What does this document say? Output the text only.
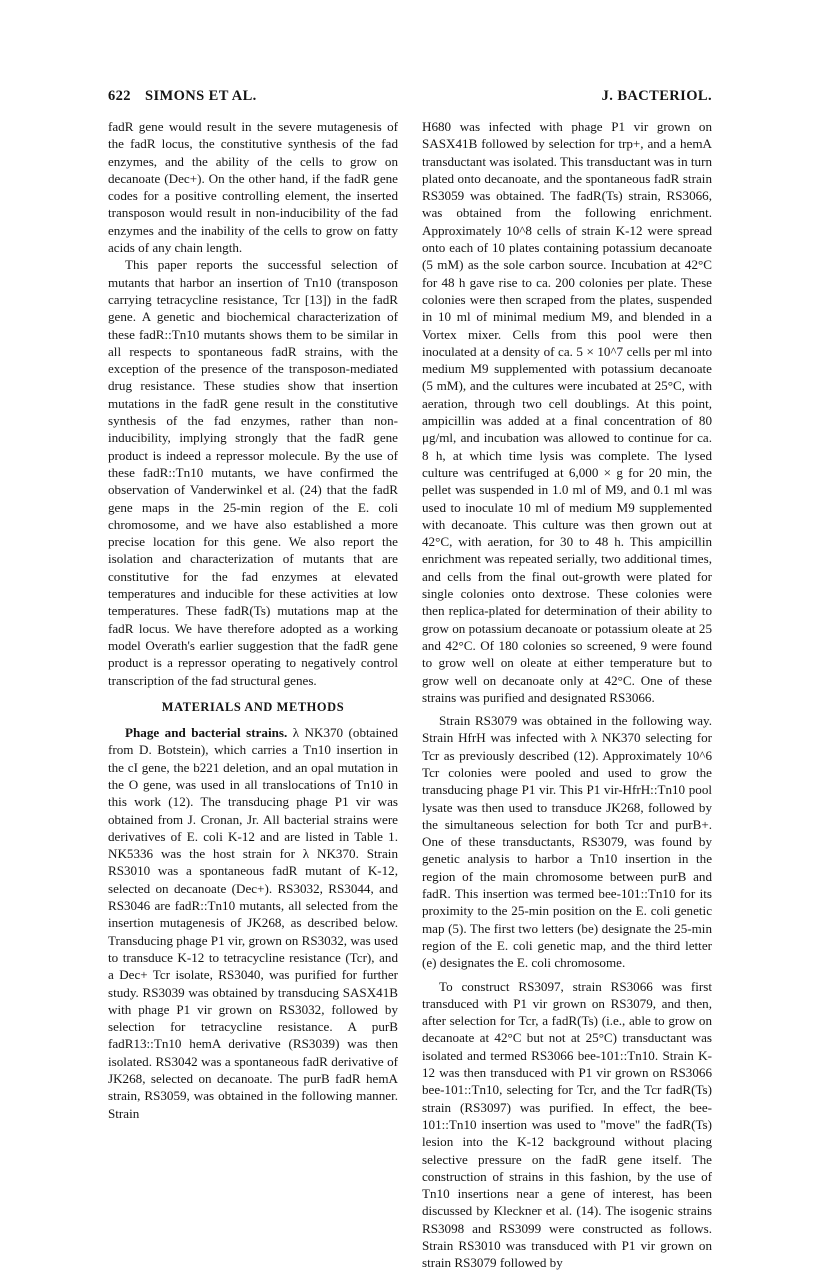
622 SIMONS ET AL.	J. BACTERIOL.

fadR gene would result in the severe mutagenesis of the fadR locus, the constitutive synthesis of the fad enzymes, and the ability of the cells to grow on decanoate (Dec+). On the other hand, if the fadR gene codes for a positive controlling element, the inserted transposon would result in non-inducibility of the fad enzymes and the inability of the cells to grow on fatty acids of any chain length.

This paper reports the successful selection of mutants that harbor an insertion of Tn10 (transposon carrying tetracycline resistance, Tcr [13]) in the fadR gene. A genetic and biochemical characterization of these fadR::Tn10 mutants shows them to be similar in all respects to spontaneous fadR strains, with the exception of the presence of the transposon-mediated drug resistance. These studies show that insertion mutations in the fadR gene result in the constitutive synthesis of the fad enzymes, rather than non-inducibility, implying strongly that the fadR gene product is indeed a repressor molecule. By the use of these fadR::Tn10 mutants, we have confirmed the observation of Vanderwinkel et al. (24) that the fadR gene maps in the 25-min region of the E. coli chromosome, and we have also established a more precise location for this gene. We also report the isolation and characterization of mutants that are constitutive for the fad enzymes at elevated temperatures and inducible for these activities at low temperatures. These fadR(Ts) mutations map at the fadR locus. We have therefore adopted as a working model Overath's earlier suggestion that the fadR gene product is a repressor operating to negatively control transcription of the fad structural genes.

MATERIALS AND METHODS

Phage and bacterial strains. λ NK370 (obtained from D. Botstein), which carries a Tn10 insertion in the cI gene, the b221 deletion, and an opal mutation in the O gene, was used in all translocations of Tn10 in this work (12). The transducing phage P1 vir was obtained from J. Cronan, Jr. All bacterial strains were derivatives of E. coli K-12 and are listed in Table 1. NK5336 was the host strain for λ NK370. Strain RS3010 was a spontaneous fadR mutant of K-12, selected on decanoate (Dec+). RS3032, RS3044, and RS3046 are fadR::Tn10 mutants, all selected from the insertion mutagenesis of JK268, as described below. Transducing phage P1 vir, grown on RS3032, was used to transduce K-12 to tetracycline resistance (Tcr), and a Dec+ Tcr isolate, RS3040, was purified for further study. RS3039 was obtained by transducing SASX41B with phage P1 vir grown on RS3032, followed by selection for tetracycline resistance. A purB fadR13::Tn10 hemA derivative (RS3039) was then isolated. RS3042 was a spontaneous fadR derivative of JK268, selected on decanoate. The purB fadR hemA strain, RS3059, was obtained in the following manner. Strain

H680 was infected with phage P1 vir grown on SASX41B followed by selection for trp+, and a hemA transductant was isolated. This transductant was in turn plated onto decanoate, and the spontaneous fadR strain RS3059 was obtained. The fadR(Ts) strain, RS3066, was obtained from the following enrichment. Approximately 10^8 cells of strain K-12 were spread onto each of 10 plates containing potassium decanoate (5 mM) as the sole carbon source. Incubation at 42°C for 48 h gave rise to ca. 200 colonies per plate. These colonies were then scraped from the plates, suspended in 10 ml of minimal medium M9, and blended in a Vortex mixer. Cells from this pool were then inoculated at a density of ca. 5 × 10^7 cells per ml into medium M9 supplemented with potassium decanoate (5 mM), and the cultures were incubated at 25°C, with aeration, through two cell doublings. At this point, ampicillin was added at a final concentration of 80 μg/ml, and incubation was allowed to continue for ca. 8 h, at which time lysis was complete. The lysed culture was centrifuged at 6,000 × g for 20 min, the pellet was suspended in 1.0 ml of M9, and 0.1 ml was used to inoculate 10 ml of medium M9 supplemented with decanoate. This culture was then grown out at 42°C, with aeration, for 30 to 48 h. This ampicillin enrichment was repeated serially, two additional times, and cells from the final out-growth were plated for single colonies onto dextrose. These colonies were then replica-plated for determination of their ability to grow on potassium decanoate or potassium oleate at 25 and 42°C. Of 180 colonies so screened, 9 were found to grow well on oleate at either temperature but to grow well on decanoate only at 42°C. One of these strains was purified and designated RS3066.

Strain RS3079 was obtained in the following way. Strain HfrH was infected with λ NK370 selecting for Tcr as previously described (12). Approximately 10^6 Tcr colonies were pooled and used to grow the transducing phage P1 vir. This P1 vir-HfrH::Tn10 pool lysate was then used to transduce JK268, followed by the simultaneous selection for both Tcr and purB+. One of these transductants, RS3079, was found by genetic analysis to harbor a Tn10 insertion in the region of the main chromosome between purB and fadR. This insertion was termed bee-101::Tn10 for its proximity to the 25-min position on the E. coli genetic map (5). The first two letters (be) designate the 25-min region of the E. coli genetic map, and the third letter (e) designates the E. coli chromosome.

To construct RS3097, strain RS3066 was first transduced with P1 vir grown on RS3079, and then, after selection for Tcr, a fadR(Ts) (i.e., able to grow on decanoate at 42°C but not at 25°C) transductant was isolated and termed RS3066 bee-101::Tn10. Strain K-12 was then transduced with P1 vir grown on RS3066 bee-101::Tn10, selecting for Tcr, and the Tcr fadR(Ts) strain (RS3097) was purified. In effect, the bee-101::Tn10 insertion was used to "move" the fadR(Ts) lesion into the K-12 background without placing selective pressure on the fadR gene itself. The construction of strains in this fashion, by the use of Tn10 insertions near a gene of interest, has been discussed by Kleckner et al. (14). The isogenic strains RS3098 and RS3099 were constructed as follows. Strain RS3010 was transduced with P1 vir grown on strain RS3079 followed by
